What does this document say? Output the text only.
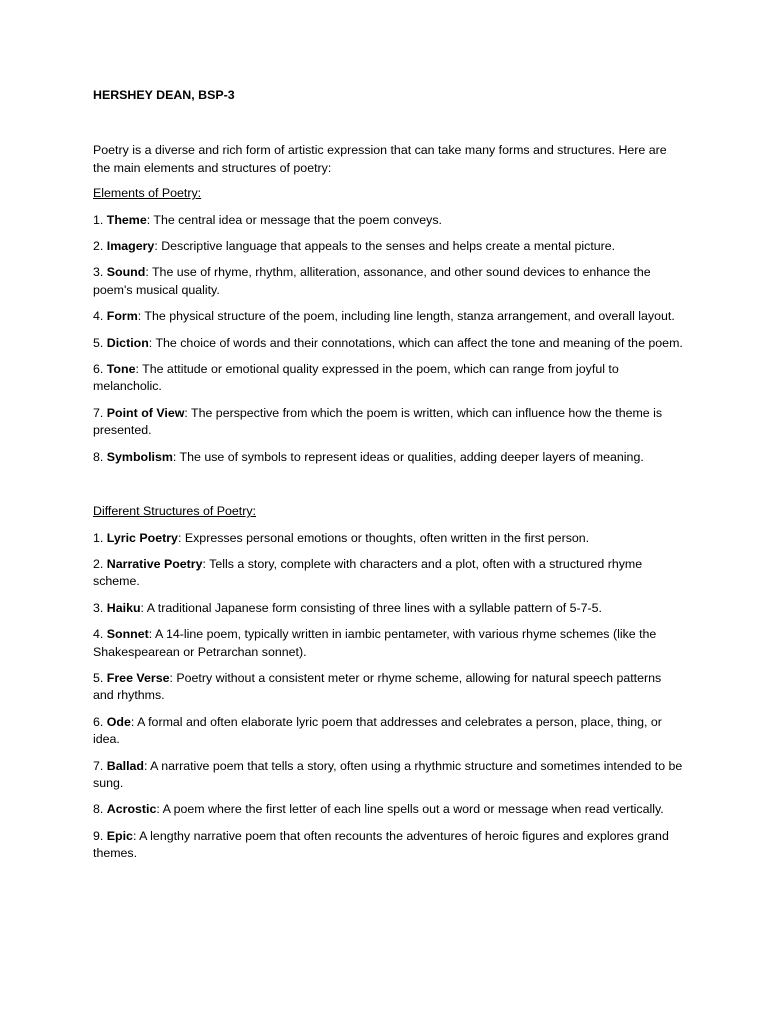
HERSHEY DEAN, BSP-3

Poetry is a diverse and rich form of artistic expression that can take many forms and structures. Here are the main elements and structures of poetry:

Elements of Poetry:

1. Theme: The central idea or message that the poem conveys.

2. Imagery: Descriptive language that appeals to the senses and helps create a mental picture.

3. Sound: The use of rhyme, rhythm, alliteration, assonance, and other sound devices to enhance the poem's musical quality.

4. Form: The physical structure of the poem, including line length, stanza arrangement, and overall layout.

5. Diction: The choice of words and their connotations, which can affect the tone and meaning of the poem.

6. Tone: The attitude or emotional quality expressed in the poem, which can range from joyful to melancholic.

7. Point of View: The perspective from which the poem is written, which can influence how the theme is presented.

8. Symbolism: The use of symbols to represent ideas or qualities, adding deeper layers of meaning.

Different Structures of Poetry:

1. Lyric Poetry: Expresses personal emotions or thoughts, often written in the first person.

2. Narrative Poetry: Tells a story, complete with characters and a plot, often with a structured rhyme scheme.

3. Haiku: A traditional Japanese form consisting of three lines with a syllable pattern of 5-7-5.

4. Sonnet: A 14-line poem, typically written in iambic pentameter, with various rhyme schemes (like the Shakespearean or Petrarchan sonnet).

5. Free Verse: Poetry without a consistent meter or rhyme scheme, allowing for natural speech patterns and rhythms.

6. Ode: A formal and often elaborate lyric poem that addresses and celebrates a person, place, thing, or idea.

7. Ballad: A narrative poem that tells a story, often using a rhythmic structure and sometimes intended to be sung.

8. Acrostic: A poem where the first letter of each line spells out a word or message when read vertically.

9. Epic: A lengthy narrative poem that often recounts the adventures of heroic figures and explores grand themes.
